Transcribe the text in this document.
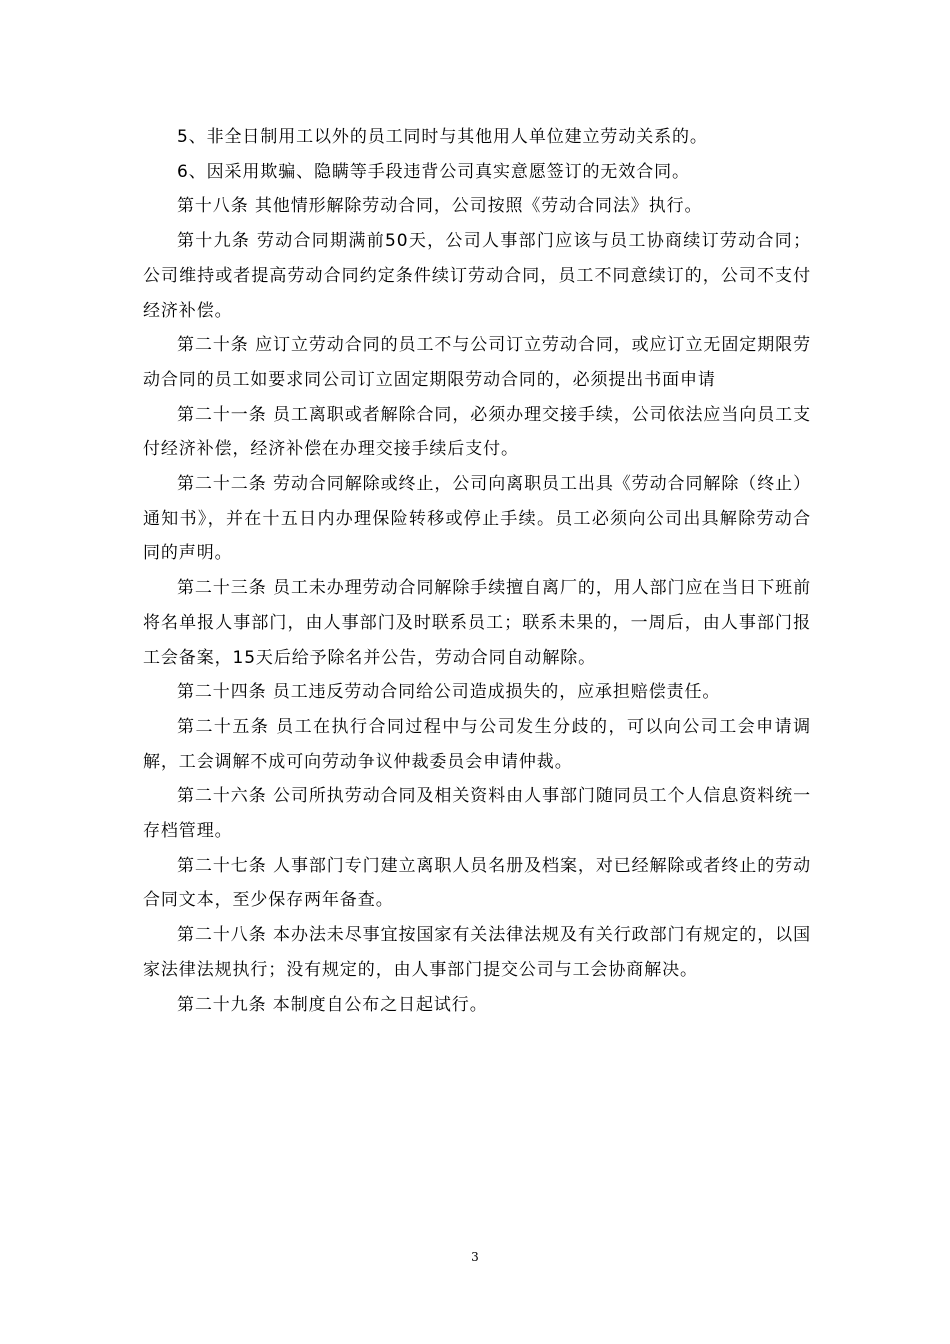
5、非全日制用工以外的员工同时与其他用人单位建立劳动关系的。

6、因采用欺骗、隐瞒等手段违背公司真实意愿签订的无效合同。

第十八条 其他情形解除劳动合同，公司按照《劳动合同法》执行。

第十九条 劳动合同期满前50天，公司人事部门应该与员工协商续订劳动合同；公司维持或者提高劳动合同约定条件续订劳动合同，员工不同意续订的，公司不支付经济补偿。

第二十条 应订立劳动合同的员工不与公司订立劳动合同，或应订立无固定期限劳动合同的员工如要求同公司订立固定期限劳动合同的，必须提出书面申请

第二十一条 员工离职或者解除合同，必须办理交接手续，公司依法应当向员工支付经济补偿，经济补偿在办理交接手续后支付。

第二十二条 劳动合同解除或终止，公司向离职员工出具《劳动合同解除（终止）通知书》，并在十五日内办理保险转移或停止手续。员工必须向公司出具解除劳动合同的声明。

第二十三条 员工未办理劳动合同解除手续擅自离厂的，用人部门应在当日下班前将名单报人事部门，由人事部门及时联系员工；联系未果的，一周后，由人事部门报工会备案，15天后给予除名并公告，劳动合同自动解除。

第二十四条 员工违反劳动合同给公司造成损失的，应承担赔偿责任。

第二十五条 员工在执行合同过程中与公司发生分歧的，可以向公司工会申请调解，工会调解不成可向劳动争议仲裁委员会申请仲裁。

第二十六条 公司所执劳动合同及相关资料由人事部门随同员工个人信息资料统一存档管理。

第二十七条 人事部门专门建立离职人员名册及档案，对已经解除或者终止的劳动合同文本，至少保存两年备查。

第二十八条 本办法未尽事宜按国家有关法律法规及有关行政部门有规定的，以国家法律法规执行；没有规定的，由人事部门提交公司与工会协商解决。

第二十九条 本制度自公布之日起试行。

3
